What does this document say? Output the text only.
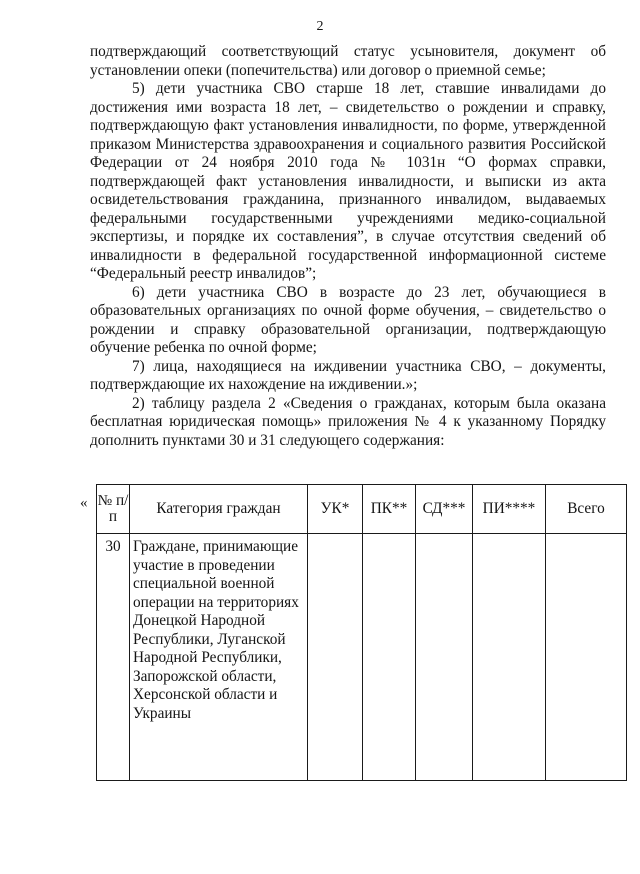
2

подтверждающий соответствующий статус усыновителя, документ об установлении опеки (попечительства) или договор о приемной семье;

5) дети участника СВО старше 18 лет, ставшие инвалидами до достижения ими возраста 18 лет, – свидетельство о рождении и справку, подтверждающую факт установления инвалидности, по форме, утвержденной приказом Министерства здравоохранения и социального развития Российской Федерации от 24 ноября 2010 года № 1031н “О формах справки, подтверждающей факт установления инвалидности, и выписки из акта освидетельствования гражданина, признанного инвалидом, выдаваемых федеральными государственными учреждениями медико-социальной экспертизы, и порядке их составления”, в случае отсутствия сведений об инвалидности в федеральной государственной информационной системе “Федеральный реестр инвалидов”;

6) дети участника СВО в возрасте до 23 лет, обучающиеся в образовательных организациях по очной форме обучения, – свидетельство о рождении и справку образовательной организации, подтверждающую обучение ребенка по очной форме;

7) лица, находящиеся на иждивении участника СВО, – документы, подтверждающие их нахождение на иждивении.»;

2) таблицу раздела 2 «Сведения о гражданах, которым была оказана бесплатная юридическая помощь» приложения № 4 к указанному Порядку дополнить пунктами 30 и 31 следующего содержания:

« № п/п	Категория граждан	УК*	ПК**	СД***	ПИ****	Всего
30	Граждане, принимающие участие в проведении специальной военной операции на территориях Донецкой Народной Республики, Луганской Народной Республики, Запорожской области, Херсонской области и Украины					
